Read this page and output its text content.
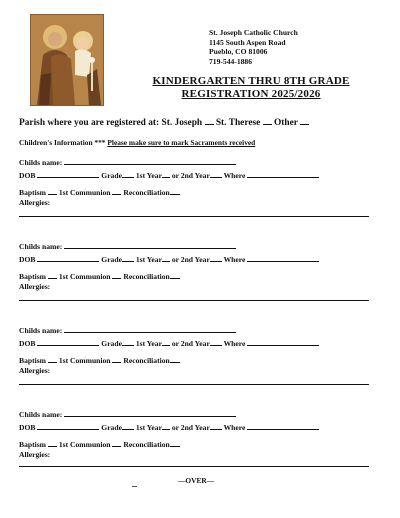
St. Joseph Catholic Church
1145 South Aspen Road
Pueblo, CO 81006
719-544-1886
KINDERGARTEN THRU 8TH GRADE
REGISTRATION 2025/2026
Parish where you are registered at: St. Joseph St. Therese Other
Children's Information *** Please make sure to mark Sacraments received
Childs name:
DOB	Grade 1st Year or 2nd Year Where
Baptism 1st Communion Reconciliation
Allergies:
Childs name:
DOB	Grade 1st Year or 2nd Year Where
Baptism 1st Communion Reconciliation
Allergies:
Childs name:
DOB	Grade 1st Year or 2nd Year Where
Baptism 1st Communion Reconciliation
Allergies:
Childs name:
DOB	Grade 1st Year or 2nd Year Where
Baptism 1st Communion Reconciliation
Allergies:
—OVER—
